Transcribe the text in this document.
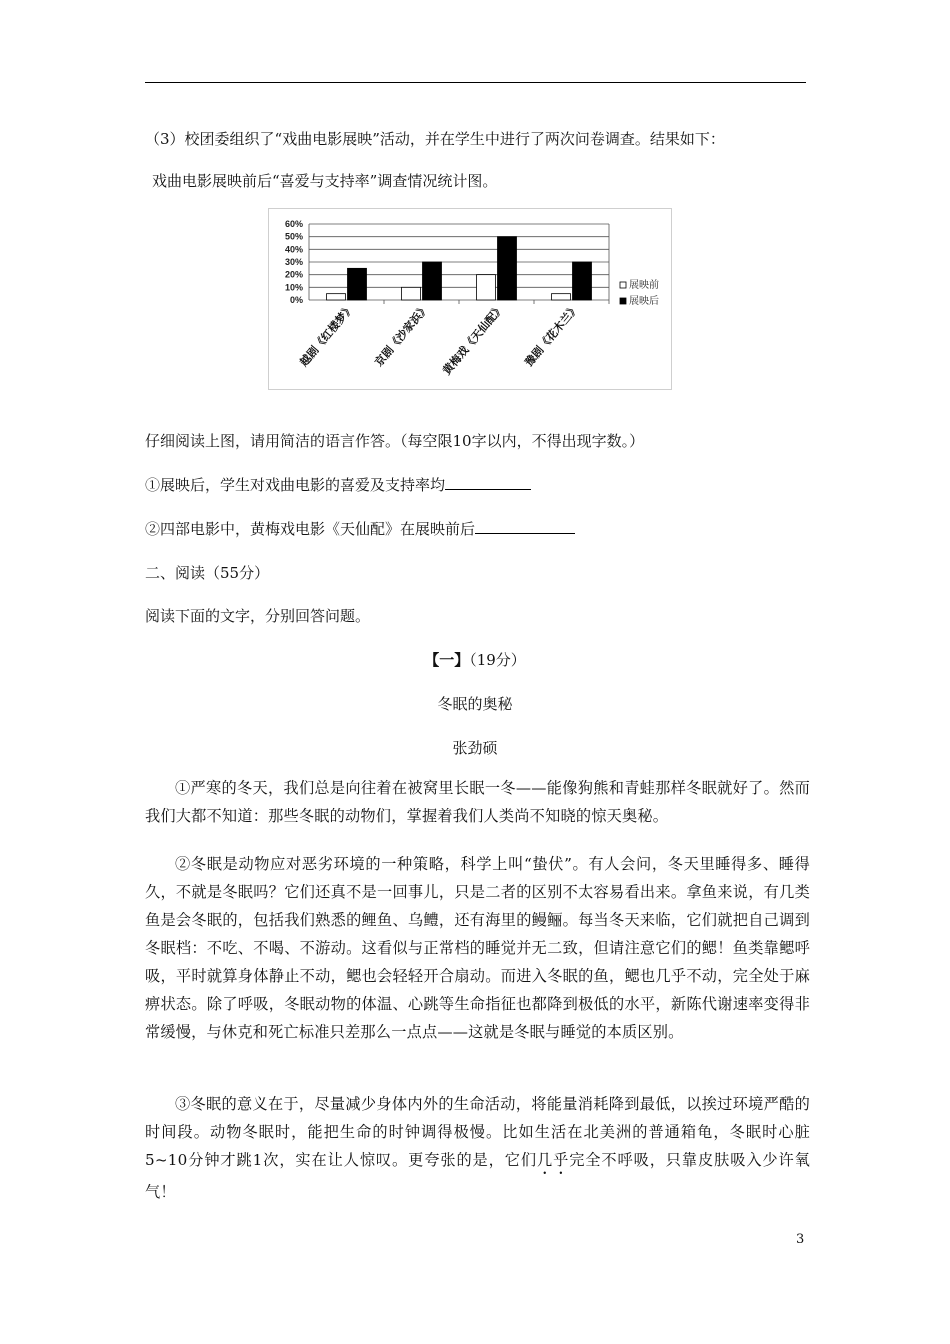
（3）校团委组织了“戏曲电影展映”活动，并在学生中进行了两次问卷调查。结果如下：
戏曲电影展映前后“喜爱与支持率”调查情况统计图。
0%
10%
20%
30%
40%
50%
60%
越剧《红楼梦》 京剧《沙家浜》 黄梅戏《天仙配》 豫剧《花木兰》
展映前
展映后
仔细阅读上图，请用简洁的语言作答。（每空限10字以内，不得出现字数。）
①展映后，学生对戏曲电影的喜爱及支持率均
②四部电影中，黄梅戏电影《天仙配》在展映前后
二、阅读（55分）
阅读下面的文字，分别回答问题。
【一】（19分）
冬眠的奥秘
张劲硕
①严寒的冬天，我们总是向往着在被窝里长眠一冬——能像狗熊和青蛙那样冬眠就好了。然而我们大都不知道：那些冬眠的动物们，掌握着我们人类尚不知晓的惊天奥秘。
②冬眠是动物应对恶劣环境的一种策略，科学上叫“蛰伏”。有人会问，冬天里睡得多、睡得久，不就是冬眠吗？它们还真不是一回事儿，只是二者的区别不太容易看出来。拿鱼来说，有几类鱼是会冬眠的，包括我们熟悉的鲤鱼、乌鳢，还有海里的鳗鲡。每当冬天来临，它们就把自己调到冬眠档：不吃、不喝、不游动。这看似与正常档的睡觉并无二致，但请注意它们的鳃！鱼类靠鳃呼吸，平时就算身体静止不动，鳃也会轻轻开合扇动。而进入冬眠的鱼，鳃也几乎不动，完全处于麻痹状态。除了呼吸，冬眠动物的体温、心跳等生命指征也都降到极低的水平，新陈代谢速率变得非常缓慢，与休克和死亡标准只差那么一点点——这就是冬眠与睡觉的本质区别。
③冬眠的意义在于，尽量减少身体内外的生命活动，将能量消耗降到最低，以挨过环境严酷的时间段。动物冬眠时，能把生命的时钟调得极慢。比如生活在北美洲的普通箱龟，冬眠时心脏5~10分钟才跳1次，实在让人惊叹。更夸张的是，它们几乎完全不呼吸，只靠皮肤吸入少许氧气！
3
